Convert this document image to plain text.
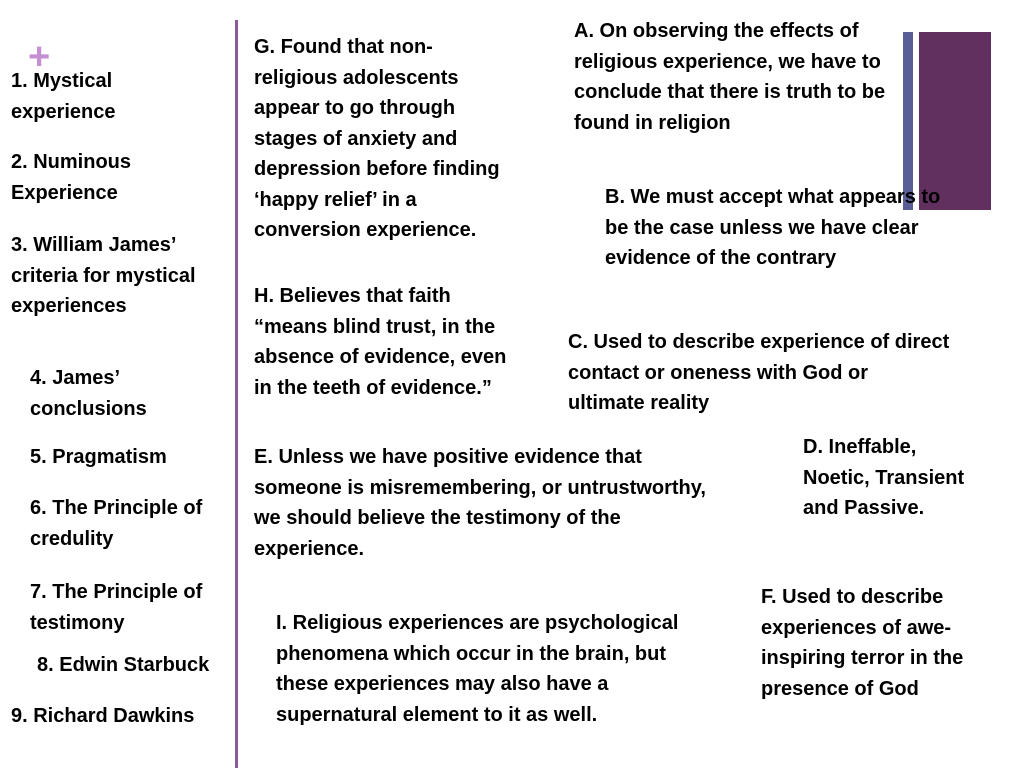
+
1. Mystical
experience
2. Numinous
Experience
3. William James’
criteria for mystical
experiences
4. James’
conclusions
5. Pragmatism
6. The Principle of
credulity
7. The Principle of
testimony
8. Edwin Starbuck
9. Richard Dawkins
G. Found that non-
religious adolescents
appear to go through
stages of anxiety and
depression before finding
‘happy relief’ in a
conversion experience.
H. Believes that faith
“means blind trust, in the
absence of evidence, even
in the teeth of evidence.”
A. On observing the effects of
religious experience, we have to
conclude that there is truth to be
found in religion
B. We must accept what appears to
be the case unless we have clear
evidence of the contrary
C. Used to describe experience of direct
contact or oneness with God or
ultimate reality
D. Ineffable,
Noetic, Transient
and Passive.
E. Unless we have positive evidence that
someone is misremembering, or untrustworthy,
we should believe the testimony of the
experience.
F. Used to describe
experiences of awe-
inspiring terror in the
presence of God
I. Religious experiences are psychological
phenomena which occur in the brain, but
these experiences may also have a
supernatural element to it as well.
